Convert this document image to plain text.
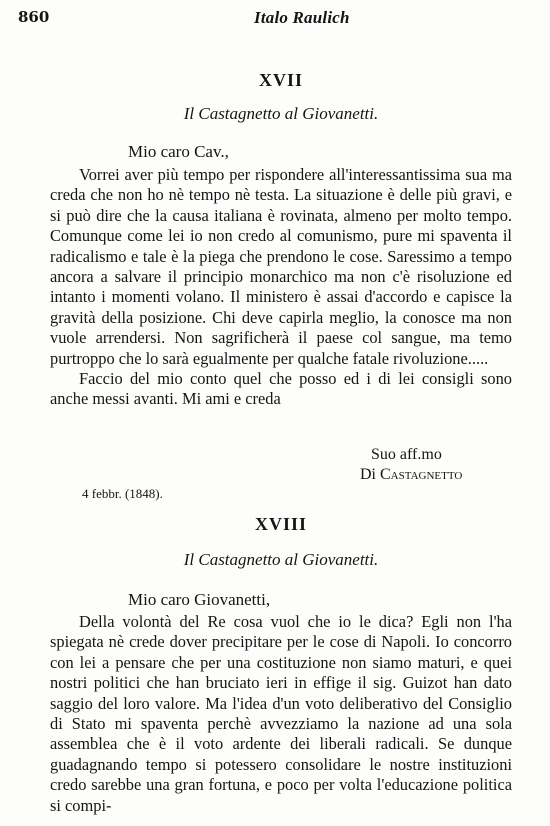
860	Italo Raulich
XVII
Il Castagnetto al Giovanetti.
Mio caro Cav.,

Vorrei aver più tempo per rispondere all'interessantissima sua ma creda che non ho nè tempo nè testa. La situazione è delle più gravi, e si può dire che la causa italiana è rovinata, almeno per molto tempo. Comunque come lei io non credo al comunismo, pure mi spaventa il radicalismo e tale è la piega che prendono le cose. Saressimo a tempo ancora a salvare il principio monarchico ma non c'è risoluzione ed intanto i momenti volano. Il ministero è assai d'accordo e capisce la gravità della posizione. Chi deve capirla meglio, la conosce ma non vuole arrendersi. Non sagrificherà il paese col sangue, ma temo purtroppo che lo sarà egualmente per qualche fatale rivoluzione.....

Faccio del mio conto quel che posso ed i di lei consigli sono anche messi avanti. Mi ami e creda

Suo aff.mo
Di Castagnetto
4 febbr. (1848).
XVIII
Il Castagnetto al Giovanetti.
Mio caro Giovanetti,

Della volontà del Re cosa vuol che io le dica? Egli non l'ha spiegata nè crede dover precipitare per le cose di Napoli. Io concorro con lei a pensare che per una costituzione non siamo maturi, e quei nostri politici che han bruciato ieri in effige il sig. Guizot han dato saggio del loro valore. Ma l'idea d'un voto deliberativo del Consiglio di Stato mi spaventa perchè avvezziamo la nazione ad una sola assemblea che è il voto ardente dei liberali radicali. Se dunque guadagnando tempo si potessero consolidare le nostre instituzioni credo sarebbe una gran fortuna, e poco per volta l'educazione politica si compi-
